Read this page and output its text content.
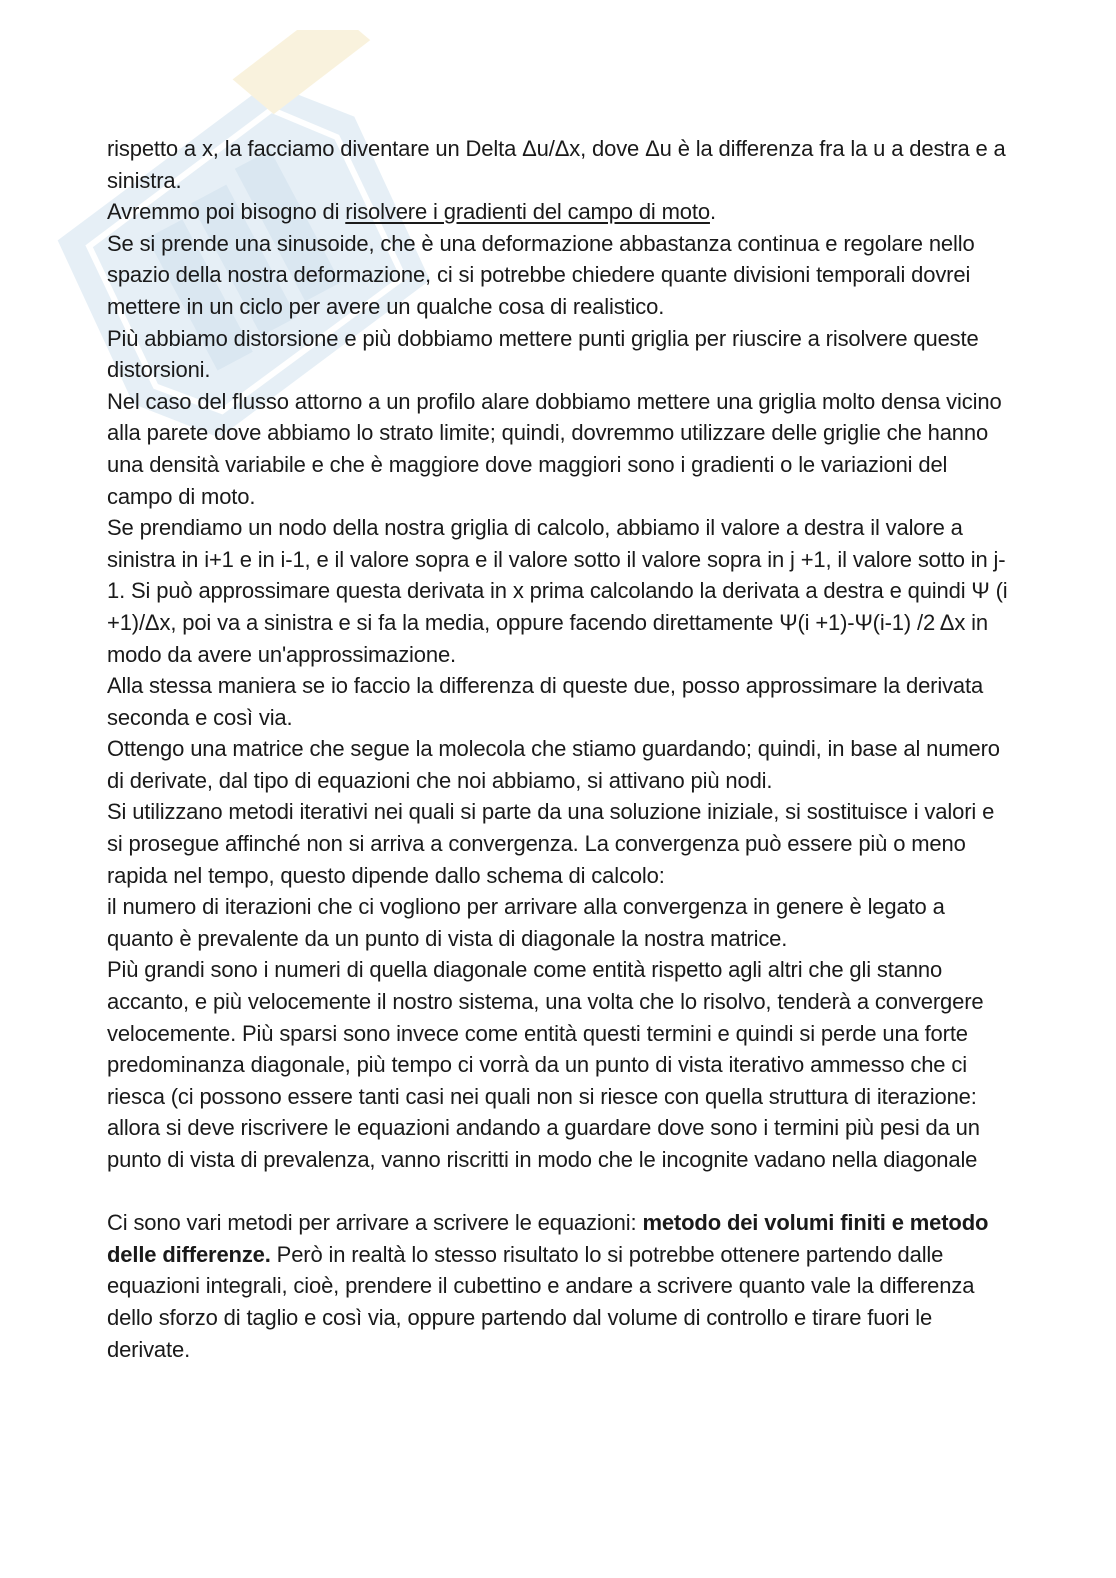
rispetto a x, la facciamo diventare un Delta Δu/Δx, dove Δu è la differenza fra la u a destra e a sinistra.

Avremmo poi bisogno di risolvere i gradienti del campo di moto.

Se si prende una sinusoide, che è una deformazione abbastanza continua e regolare nello spazio della nostra deformazione, ci si potrebbe chiedere quante divisioni temporali dovrei mettere in un ciclo per avere un qualche cosa di realistico.

Più abbiamo distorsione e più dobbiamo mettere punti griglia per riuscire a risolvere queste distorsioni.

Nel caso del flusso attorno a un profilo alare dobbiamo mettere una griglia molto densa vicino alla parete dove abbiamo lo strato limite; quindi, dovremmo utilizzare delle griglie che hanno una densità variabile e che è maggiore dove maggiori sono i gradienti o le variazioni del campo di moto.

Se prendiamo un nodo della nostra griglia di calcolo, abbiamo il valore a destra il valore a sinistra in i+1 e in i-1, e il valore sopra e il valore sotto il valore sopra in j +1, il valore sotto in j-1. Si può approssimare questa derivata in x prima calcolando la derivata a destra e quindi Ψ (i +1)/Δx, poi va a sinistra e si fa la media, oppure facendo direttamente Ψ(i +1)-Ψ(i-1) /2 Δx in modo da avere un'approssimazione.

Alla stessa maniera se io faccio la differenza di queste due, posso approssimare la derivata seconda e così via.

Ottengo una matrice che segue la molecola che stiamo guardando; quindi, in base al numero di derivate, dal tipo di equazioni che noi abbiamo, si attivano più nodi.

Si utilizzano metodi iterativi nei quali si parte da una soluzione iniziale, si sostituisce i valori e si prosegue affinché non si arriva a convergenza. La convergenza può essere più o meno rapida nel tempo, questo dipende dallo schema di calcolo:

il numero di iterazioni che ci vogliono per arrivare alla convergenza in genere è legato a quanto è prevalente da un punto di vista di diagonale la nostra matrice.

Più grandi sono i numeri di quella diagonale come entità rispetto agli altri che gli stanno accanto, e più velocemente il nostro sistema, una volta che lo risolvo, tenderà a convergere velocemente. Più sparsi sono invece come entità questi termini e quindi si perde una forte predominanza diagonale, più tempo ci vorrà da un punto di vista iterativo ammesso che ci riesca (ci possono essere tanti casi nei quali non si riesce con quella struttura di iterazione: allora si deve riscrivere le equazioni andando a guardare dove sono i termini più pesi da un punto di vista di prevalenza, vanno riscritti in modo che le incognite vadano nella diagonale

Ci sono vari metodi per arrivare a scrivere le equazioni: metodo dei volumi finiti e metodo delle differenze. Però in realtà lo stesso risultato lo si potrebbe ottenere partendo dalle equazioni integrali, cioè, prendere il cubettino e andare a scrivere quanto vale la differenza dello sforzo di taglio e così via, oppure partendo dal volume di controllo e tirare fuori le derivate.
